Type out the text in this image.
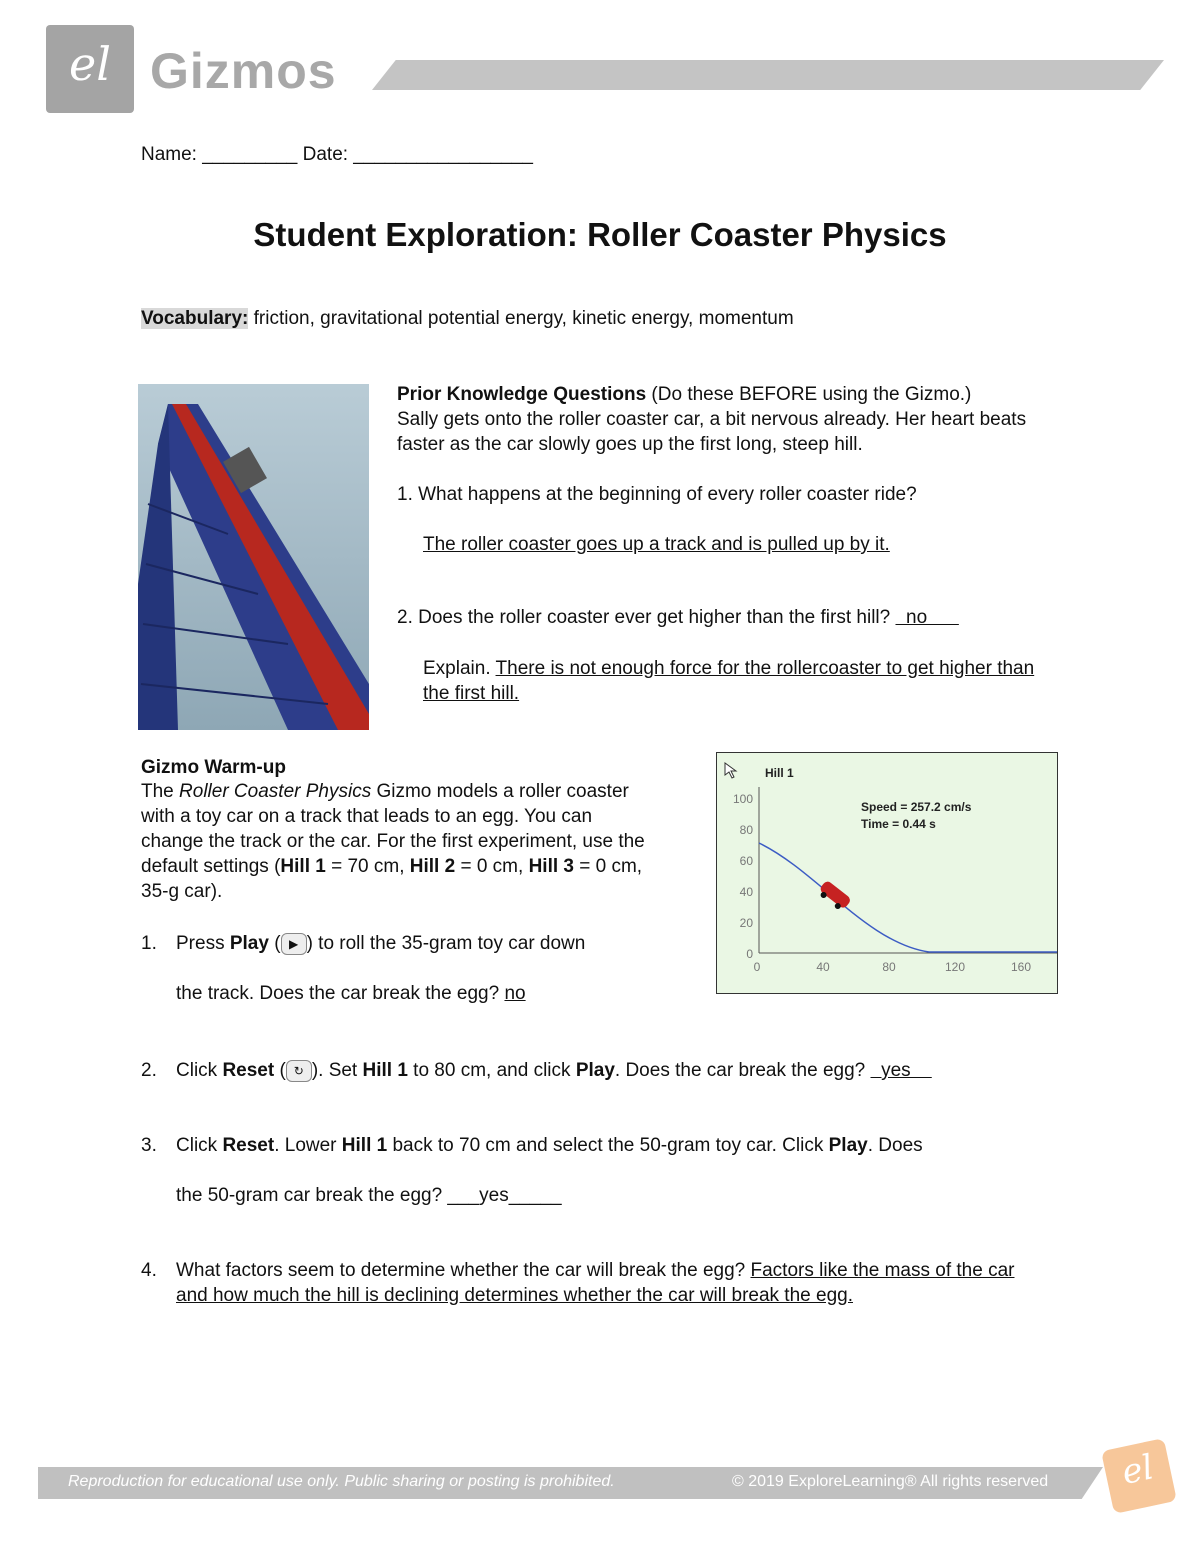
el Gizmos
Name: _________ Date: _________________
Student Exploration: Roller Coaster Physics
Vocabulary: friction, gravitational potential energy, kinetic energy, momentum
Prior Knowledge Questions (Do these BEFORE using the Gizmo.)
Sally gets onto the roller coaster car, a bit nervous already. Her heart beats faster as the car slowly goes up the first long, steep hill.
1. What happens at the beginning of every roller coaster ride?
The roller coaster goes up a track and is pulled up by it.
2. Does the roller coaster ever get higher than the first hill?   no
Explain. There is not enough force for the rollercoaster to get higher than the first hill.
Gizmo Warm-up
The Roller Coaster Physics Gizmo models a roller coaster with a toy car on a track that leads to an egg. You can change the track or the car. For the first experiment, use the default settings (Hill 1 = 70 cm, Hill 2 = 0 cm, Hill 3 = 0 cm, 35-g car).
1. Press Play ( ▶ ) to roll the 35-gram toy car down
the track. Does the car break the egg? no
2. Click Reset ( ↻ ). Set Hill 1 to 80 cm, and click Play. Does the car break the egg?   yes
3. Click Reset. Lower Hill 1 back to 70 cm and select the 50-gram toy car. Click Play. Does
the 50-gram car break the egg? ___yes_____
4. What factors seem to determine whether the car will break the egg? Factors like the mass of the car and how much the hill is declining determines whether the car will break the egg.
Hill 1
Speed = 257.2 cm/s
Time = 0.44 s
100
80
60
40
20
0
0	40	80	120	160
Reproduction for educational use only. Public sharing or posting is prohibited.	© 2019 ExploreLearning® All rights reserved	el
